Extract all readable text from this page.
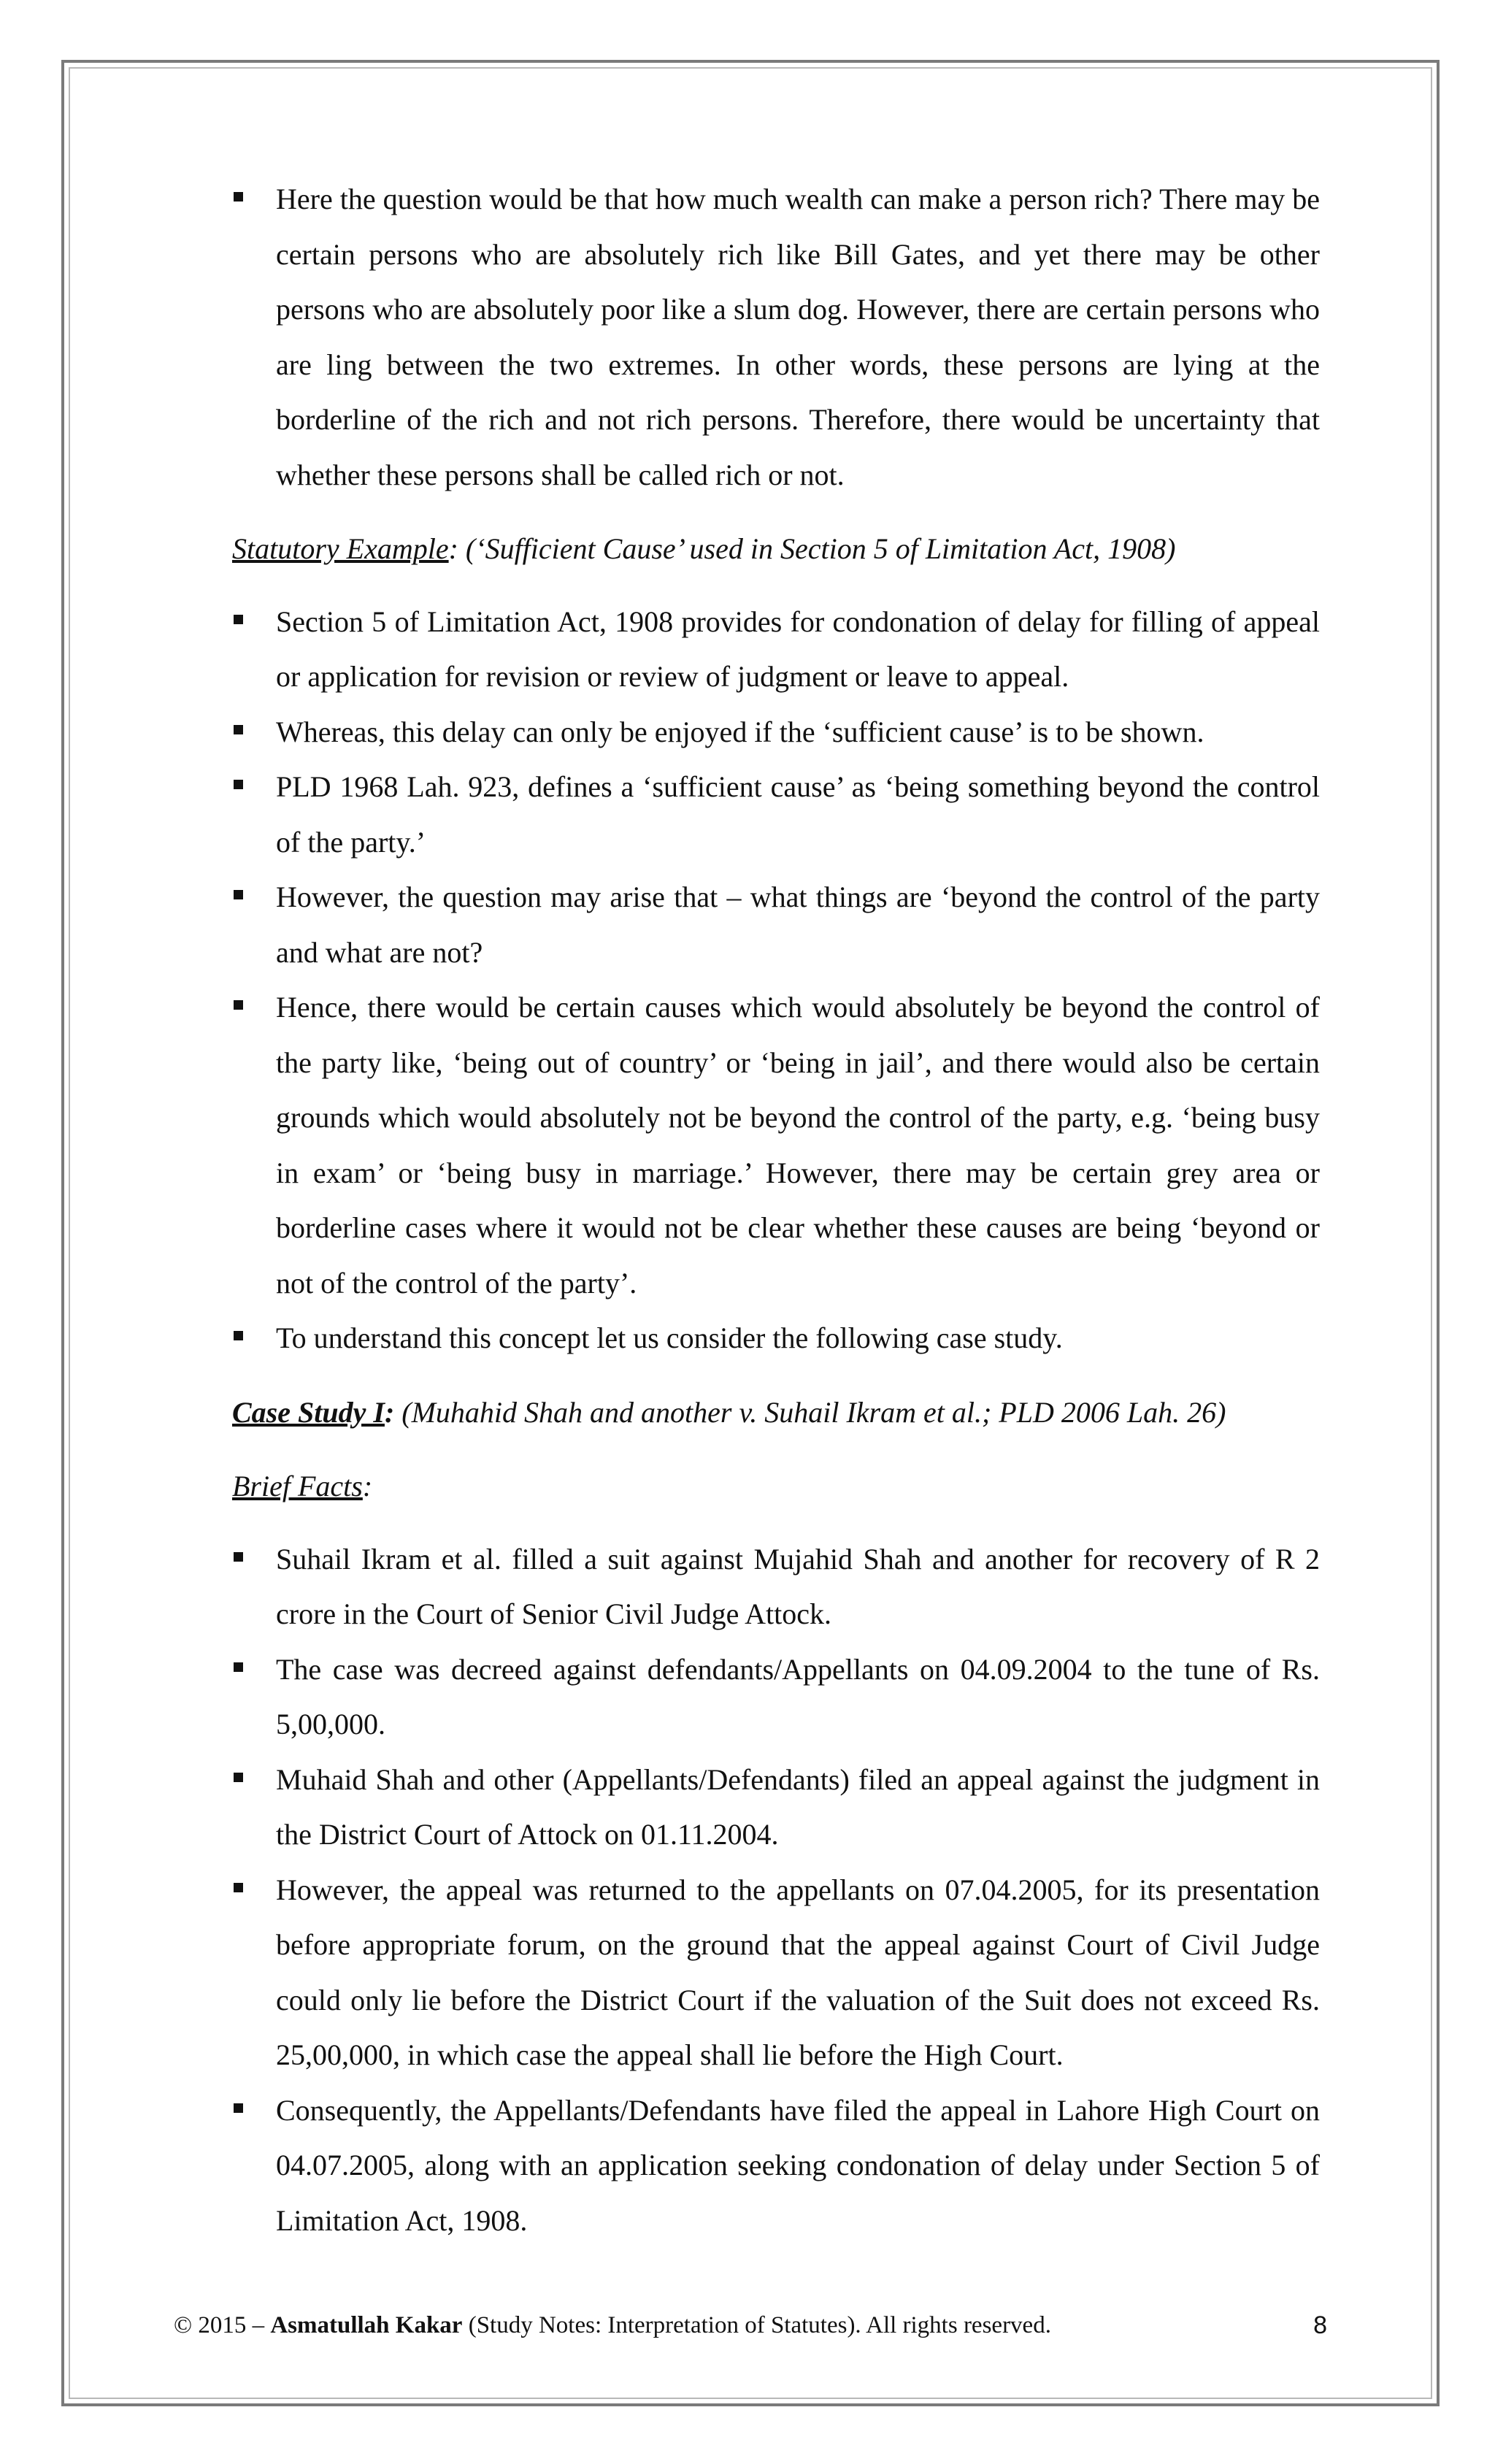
Here the question would be that how much wealth can make a person rich? There may be certain persons who are absolutely rich like Bill Gates, and yet there may be other persons who are absolutely poor like a slum dog. However, there are certain persons who are ling between the two extremes. In other words, these persons are lying at the borderline of the rich and not rich persons. Therefore, there would be uncertainty that whether these persons shall be called rich or not.

Statutory Example: (‘Sufficient Cause’ used in Section 5 of Limitation Act, 1908)

Section 5 of Limitation Act, 1908 provides for condonation of delay for filling of appeal or application for revision or review of judgment or leave to appeal.
Whereas, this delay can only be enjoyed if the ‘sufficient cause’ is to be shown.
PLD 1968 Lah. 923, defines a ‘sufficient cause’ as ‘being something beyond the control of the party.’
However, the question may arise that – what things are ‘beyond the control of the party and what are not?
Hence, there would be certain causes which would absolutely be beyond the control of the party like, ‘being out of country’ or ‘being in jail’, and there would also be certain grounds which would absolutely not be beyond the control of the party, e.g. ‘being busy in exam’ or ‘being busy in marriage.’ However, there may be certain grey area or borderline cases where it would not be clear whether these causes are being ‘beyond or not of the control of the party’.
To understand this concept let us consider the following case study.

Case Study I: (Muhahid Shah and another v. Suhail Ikram et al.; PLD 2006 Lah. 26)

Brief Facts:

Suhail Ikram et al. filled a suit against Mujahid Shah and another for recovery of R 2 crore in the Court of Senior Civil Judge Attock.
The case was decreed against defendants/Appellants on 04.09.2004 to the tune of Rs. 5,00,000.
Muhaid Shah and other (Appellants/Defendants) filed an appeal against the judgment in the District Court of Attock on 01.11.2004.
However, the appeal was returned to the appellants on 07.04.2005, for its presentation before appropriate forum, on the ground that the appeal against Court of Civil Judge could only lie before the District Court if the valuation of the Suit does not exceed Rs. 25,00,000, in which case the appeal shall lie before the High Court.
Consequently, the Appellants/Defendants have filed the appeal in Lahore High Court on 04.07.2005, along with an application seeking condonation of delay under Section 5 of Limitation Act, 1908.
© 2015 – Asmatullah Kakar (Study Notes: Interpretation of Statutes). All rights reserved.	8
